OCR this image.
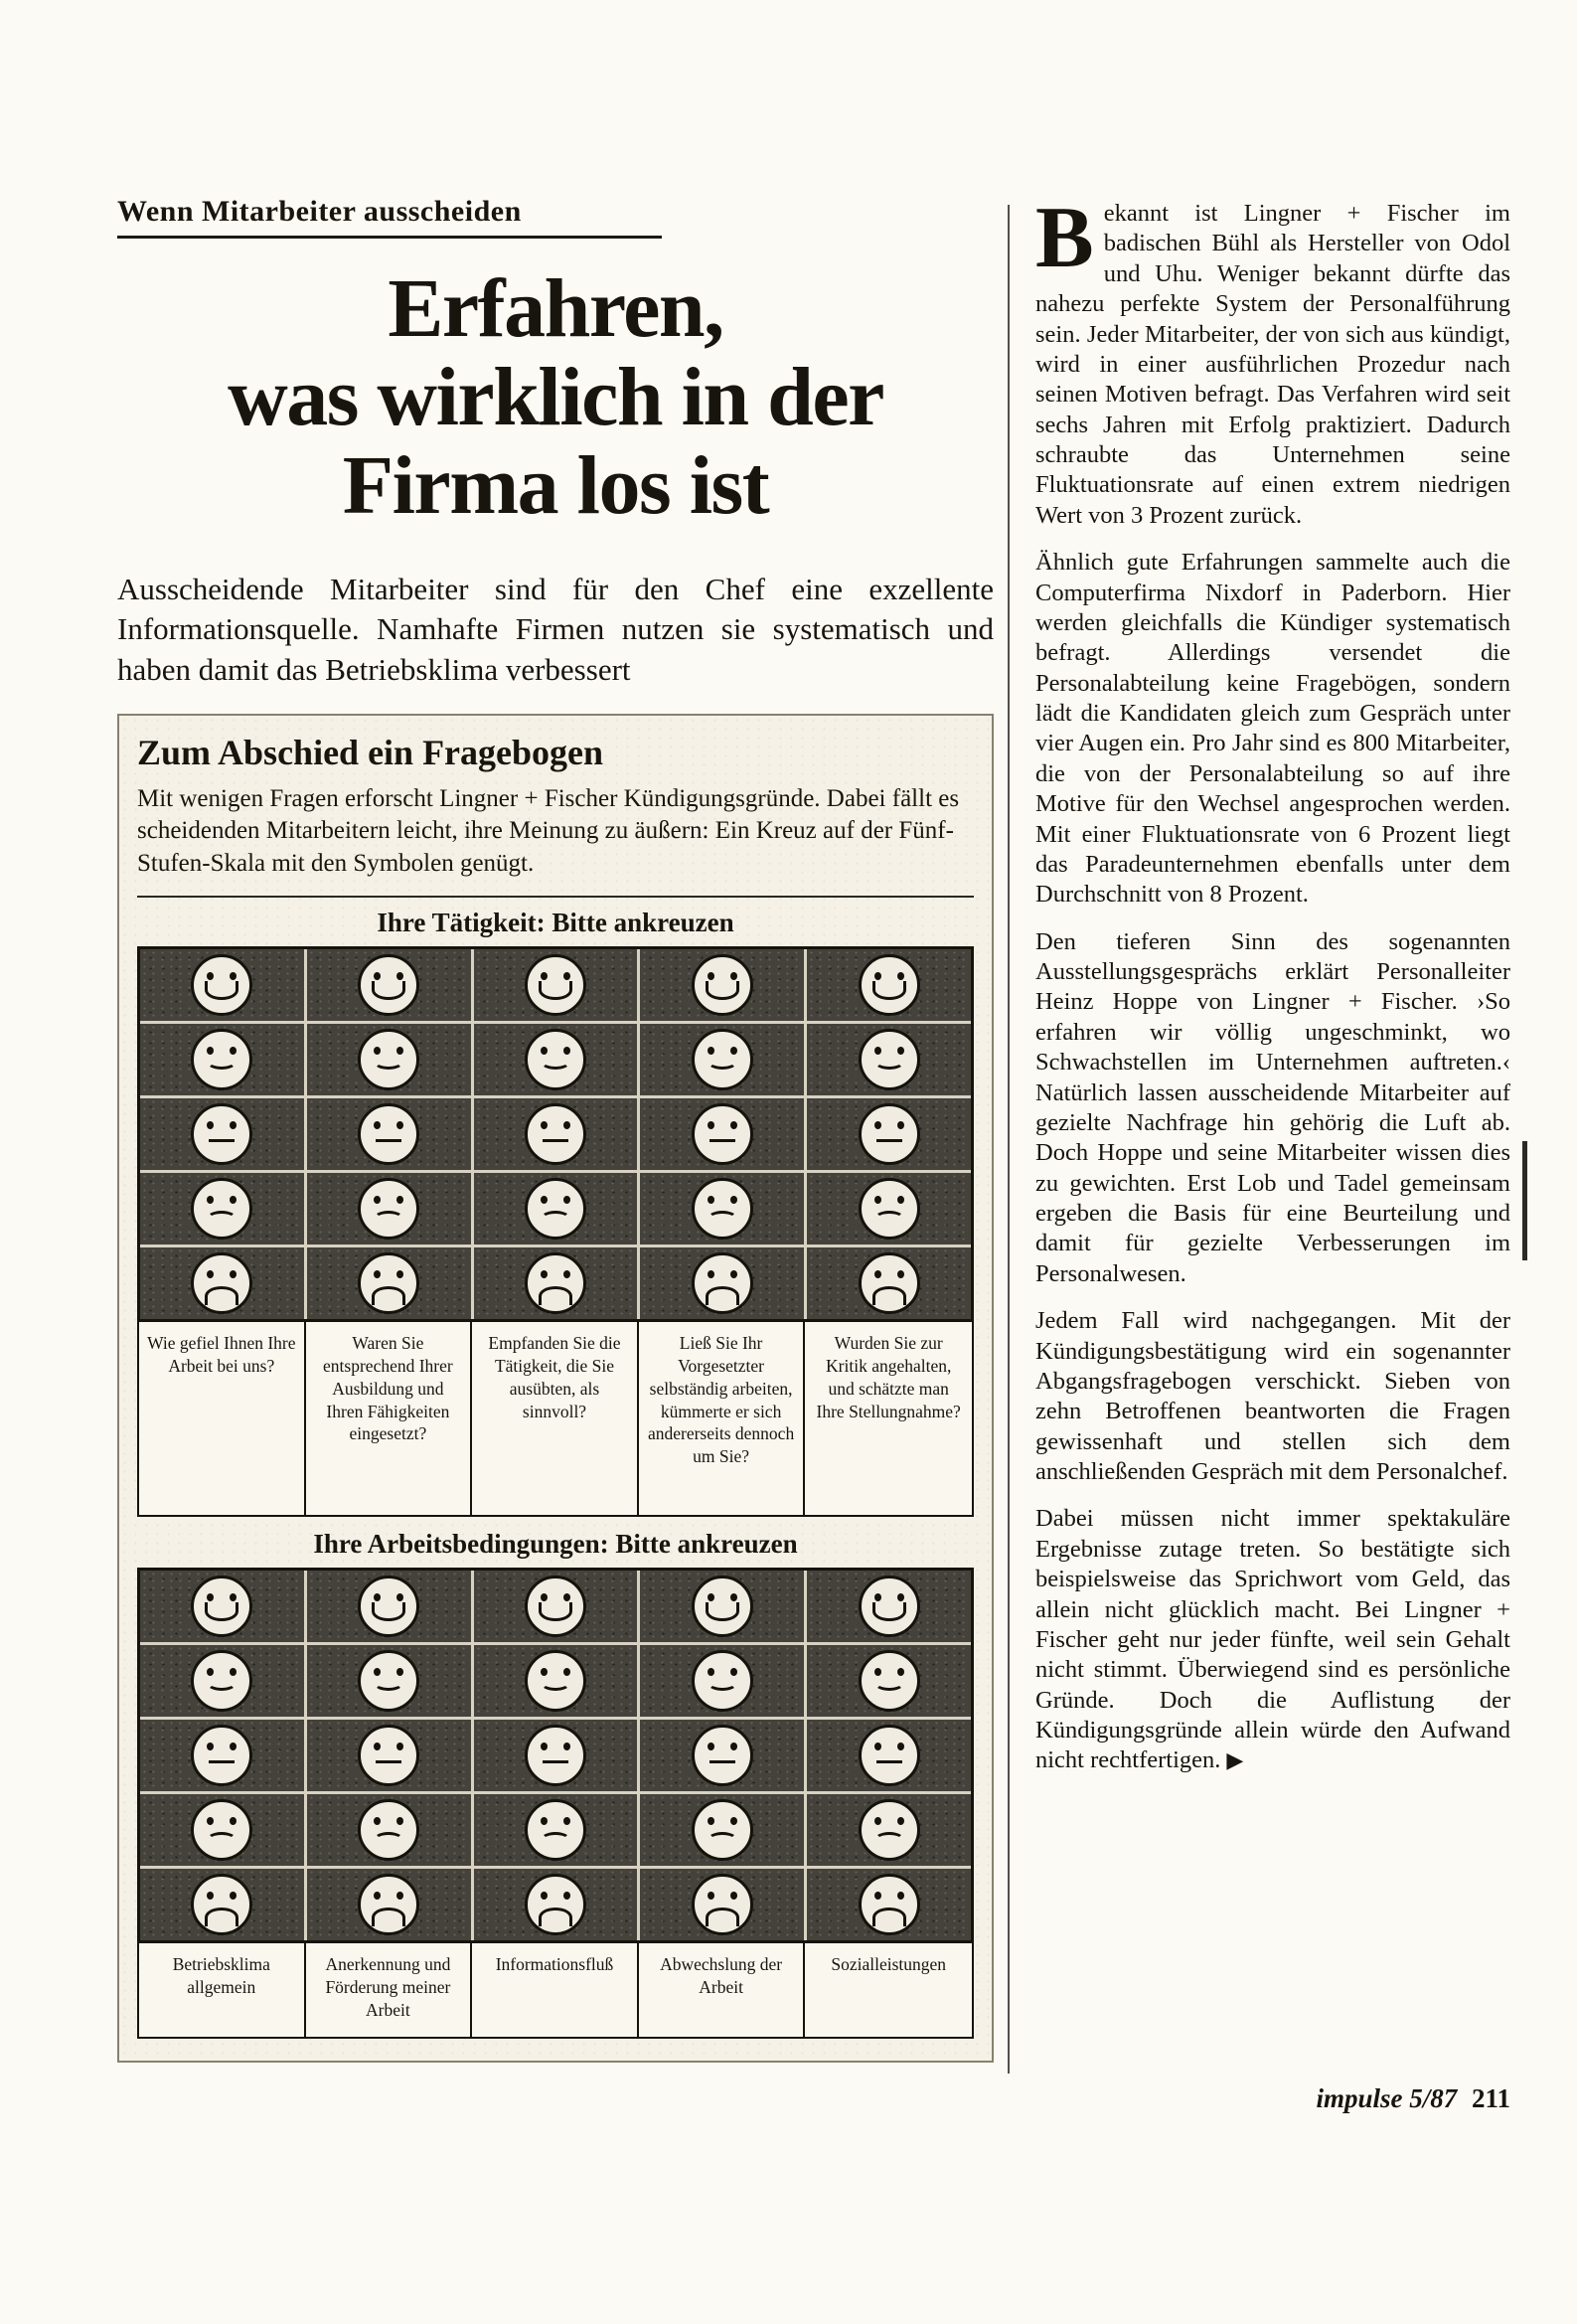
Wenn Mitarbeiter ausscheiden
Erfahren,
was wirklich in der
Firma los ist

Ausscheidende Mitarbeiter sind für den Chef eine exzellente Informationsquelle. Namhafte Firmen nutzen sie systematisch und haben damit das Betriebsklima verbessert

Zum Abschied ein Fragebogen

Mit wenigen Fragen erforscht Lingner + Fischer Kündigungsgründe. Dabei fällt es scheidenden Mitarbeitern leicht, ihre Meinung zu äußern: Ein Kreuz auf der Fünf-Stufen-Skala mit den Symbolen genügt.

Ihre Tätigkeit: Bitte ankreuzen
Wie gefiel Ihnen Ihre Arbeit bei uns?
Waren Sie entsprechend Ihrer Ausbildung und Ihren Fähigkeiten eingesetzt?
Empfanden Sie die Tätigkeit, die Sie ausübten, als sinnvoll?
Ließ Sie Ihr Vorgesetzter selbständig arbeiten, kümmerte er sich andererseits dennoch um Sie?
Wurden Sie zur Kritik angehalten, und schätzte man Ihre Stellungnahme?
Ihre Arbeitsbedingungen: Bitte ankreuzen
Betriebsklima allgemein
Anerkennung und Förderung meiner Arbeit
Informationsfluß	Abwechslung der Arbeit
Sozialleistungen

Bekannt ist Lingner + Fischer im badischen Bühl als Hersteller von Odol und Uhu. Weniger bekannt dürfte das nahezu perfekte System der Personalführung sein. Jeder Mitarbeiter, der von sich aus kündigt, wird in einer ausführlichen Prozedur nach seinen Motiven befragt. Das Verfahren wird seit sechs Jahren mit Erfolg praktiziert. Dadurch schraubte das Unternehmen seine Fluktuationsrate auf einen extrem niedrigen Wert von 3 Prozent zurück.

Ähnlich gute Erfahrungen sammelte auch die Computerfirma Nixdorf in Paderborn. Hier werden gleichfalls die Kündiger systematisch befragt. Allerdings versendet die Personalabteilung keine Fragebögen, sondern lädt die Kandidaten gleich zum Gespräch unter vier Augen ein. Pro Jahr sind es 800 Mitarbeiter, die von der Personalabteilung so auf ihre Motive für den Wechsel angesprochen werden. Mit einer Fluktuationsrate von 6 Prozent liegt das Paradeunternehmen ebenfalls unter dem Durchschnitt von 8 Prozent.

Den tieferen Sinn des sogenannten Ausstellungsgesprächs erklärt Personalleiter Heinz Hoppe von Lingner + Fischer. ›So erfahren wir völlig ungeschminkt, wo Schwachstellen im Unternehmen auftreten.‹ Natürlich lassen ausscheidende Mitarbeiter auf gezielte Nachfrage hin gehörig die Luft ab. Doch Hoppe und seine Mitarbeiter wissen dies zu gewichten. Erst Lob und Tadel gemeinsam ergeben die Basis für eine Beurteilung und damit für gezielte Verbesserungen im Personalwesen.

Jedem Fall wird nachgegangen. Mit der Kündigungsbestätigung wird ein sogenannter Abgangsfragebogen verschickt. Sieben von zehn Betroffenen beantworten die Fragen gewissenhaft und stellen sich dem anschließenden Gespräch mit dem Personalchef.

Dabei müssen nicht immer spektakuläre Ergebnisse zutage treten. So bestätigte sich beispielsweise das Sprichwort vom Geld, das allein nicht glücklich macht. Bei Lingner + Fischer geht nur jeder fünfte, weil sein Gehalt nicht stimmt. Überwiegend sind es persönliche Gründe. Doch die Auflistung der Kündigungsgründe allein würde den Aufwand nicht rechtfertigen. ▶

impulse 5/87 211
